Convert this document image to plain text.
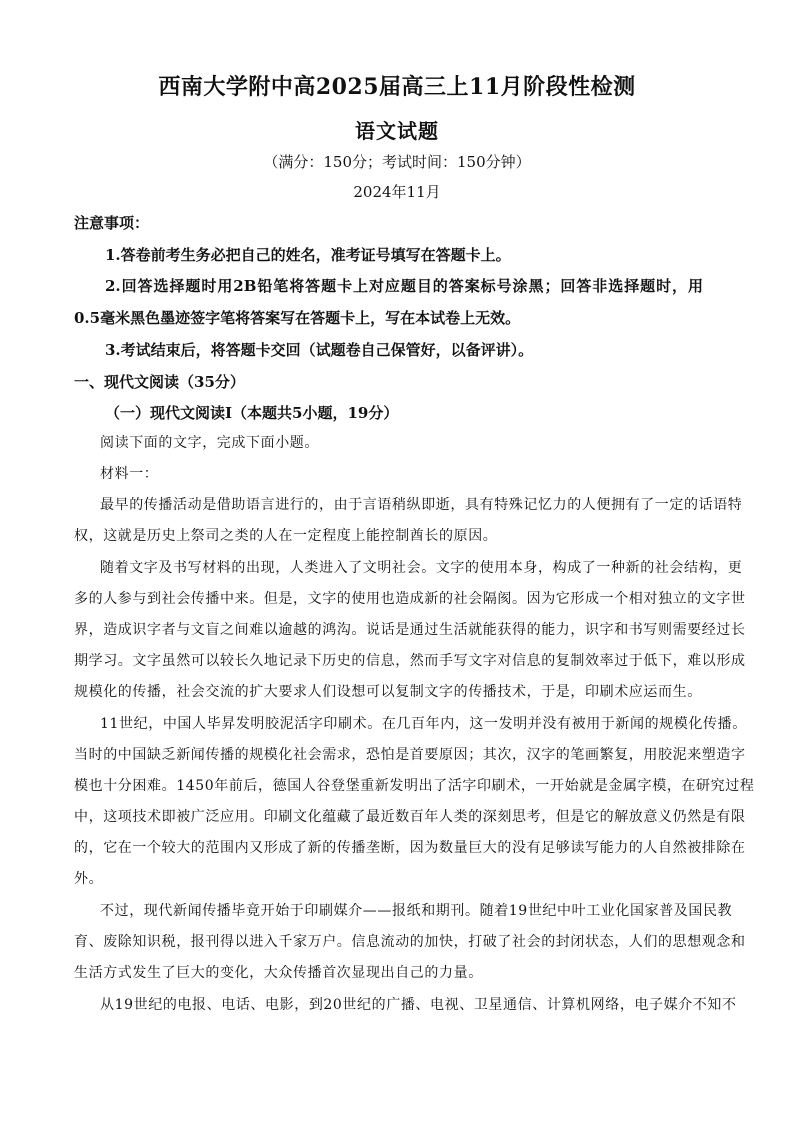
西南大学附中高2025届高三上11月阶段性检测
语文试题
（满分：150分；考试时间：150分钟）
2024年11月
注意事项：
1.答卷前考生务必把自己的姓名，准考证号填写在答题卡上。
2.回答选择题时用2B铅笔将答题卡上对应题目的答案标号涂黑；回答非选择题时，用
0.5毫米黑色墨迹签字笔将答案写在答题卡上，写在本试卷上无效。
3.考试结束后，将答题卡交回（试题卷自己保管好，以备评讲）。
一、现代文阅读（35分）
（一）现代文阅读Ⅰ（本题共5小题，19分）
阅读下面的文字，完成下面小题。
材料一：
最早的传播活动是借助语言进行的，由于言语稍纵即逝，具有特殊记忆力的人便拥有了一定的话语特
权，这就是历史上祭司之类的人在一定程度上能控制酋长的原因。
随着文字及书写材料的出现，人类进入了文明社会。文字的使用本身，构成了一种新的社会结构，更
多的人参与到社会传播中来。但是，文字的使用也造成新的社会隔阂。因为它形成一个相对独立的文字世
界，造成识字者与文盲之间难以逾越的鸿沟。说话是通过生活就能获得的能力，识字和书写则需要经过长
期学习。文字虽然可以较长久地记录下历史的信息，然而手写文字对信息的复制效率过于低下，难以形成
规模化的传播，社会交流的扩大要求人们设想可以复制文字的传播技术，于是，印刷术应运而生。
11世纪，中国人毕昇发明胶泥活字印刷术。在几百年内，这一发明并没有被用于新闻的规模化传播。
当时的中国缺乏新闻传播的规模化社会需求，恐怕是首要原因；其次，汉字的笔画繁复，用胶泥来塑造字
模也十分困难。1450年前后，德国人谷登堡重新发明出了活字印刷术，一开始就是金属字模，在研究过程
中，这项技术即被广泛应用。印刷文化蕴藏了最近数百年人类的深刻思考，但是它的解放意义仍然是有限
的，它在一个较大的范围内又形成了新的传播垄断，因为数量巨大的没有足够读写能力的人自然被排除在
外。
不过，现代新闻传播毕竟开始于印刷媒介——报纸和期刊。随着19世纪中叶工业化国家普及国民教
育、废除知识税，报刊得以进入千家万户。信息流动的加快，打破了社会的封闭状态，人们的思想观念和
生活方式发生了巨大的变化，大众传播首次显现出自己的力量。
从19世纪的电报、电话、电影，到20世纪的广播、电视、卫星通信、计算机网络，电子媒介不知不
